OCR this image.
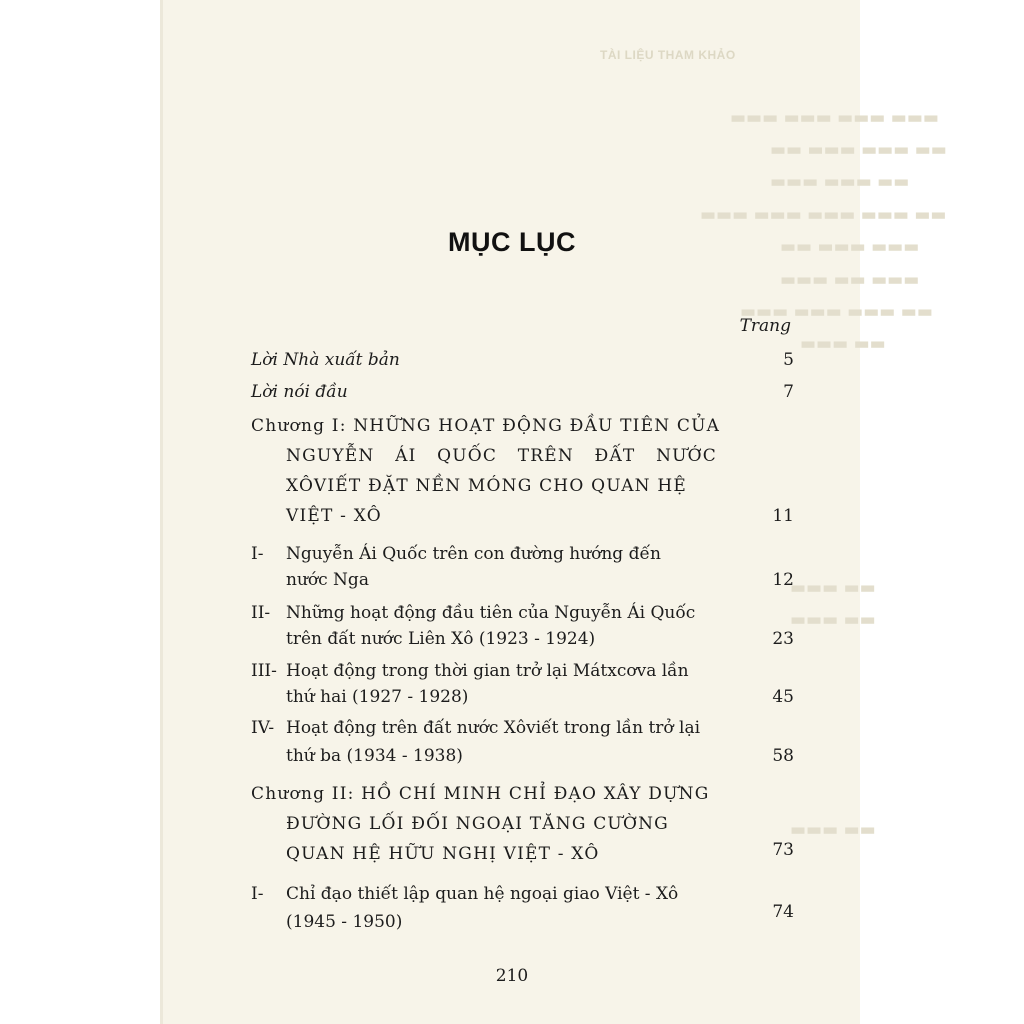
TÀI LIỆU THAM KHẢO
▬▬▬ ▬▬▬ ▬▬▬ ▬▬▬
▬▬ ▬▬▬ ▬▬▬ ▬▬
▬▬▬ ▬▬▬ ▬▬
▬▬▬ ▬▬▬ ▬▬▬ ▬▬▬ ▬▬
▬▬ ▬▬▬ ▬▬▬
▬▬▬ ▬▬ ▬▬▬
▬▬▬ ▬▬▬ ▬▬▬ ▬▬
▬▬▬ ▬▬
▬▬▬ ▬▬
▬▬▬ ▬▬
▬▬▬ ▬▬
MỤC LỤC
Trang
Lời Nhà xuất bản	5
Lời nói đầu	7
Chương I: NHỮNG HOẠT ĐỘNG ĐẦU TIÊN CỦA
NGUYỄN ÁI QUỐC TRÊN ĐẤT NƯỚC
XÔVIẾT ĐẶT NỀN MÓNG CHO QUAN HỆ
VIỆT - XÔ	11
I- Nguyễn Ái Quốc trên con đường hướng đến
nước Nga	12
II- Những hoạt động đầu tiên của Nguyễn Ái Quốc
trên đất nước Liên Xô (1923 - 1924)	23
III- Hoạt động trong thời gian trở lại Mátxcơva lần
thứ hai (1927 - 1928)	45
IV- Hoạt động trên đất nước Xôviết trong lần trở lại
thứ ba (1934 - 1938)	58
Chương II: HỒ CHÍ MINH CHỈ ĐẠO XÂY DỰNG
ĐƯỜNG LỐI ĐỐI NGOẠI TĂNG CƯỜNG
QUAN HỆ HỮU NGHỊ VIỆT - XÔ	73
I- Chỉ đạo thiết lập quan hệ ngoại giao Việt - Xô
(1945 - 1950)	74
210
